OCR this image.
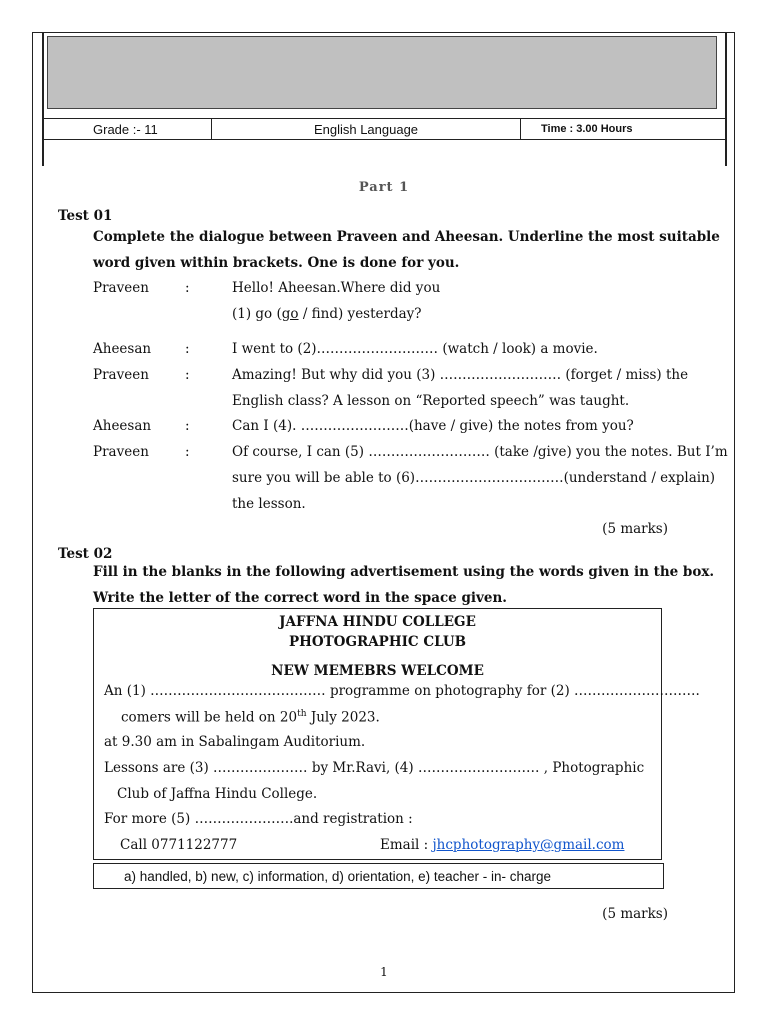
Grade :- 11	English Language	Time : 3.00 Hours
Part 1
Test 01
Complete the dialogue between Praveen and Aheesan. Underline the most suitable
word given within brackets. One is done for you.
Praveen	:	Hello! Aheesan.Where did you
(1) go (go / find) yesterday?
Aheesan	:	I went to (2)……………………… (watch / look) a movie.
Praveen	:	Amazing! But why did you (3) ……………………… (forget / miss) the
English class? A lesson on “Reported speech” was taught.
Aheesan	:	Can I (4). ……………………(have / give) the notes from you?
Praveen	:	Of course, I can (5) ……………………… (take /give) you the notes. But I’m
sure you will be able to (6)……………………………(understand / explain)
the lesson.
(5 marks)
Test 02
Fill in the blanks in the following advertisement using the words given in the box.
Write the letter of the correct word in the space given.
JAFFNA HINDU COLLEGE
PHOTOGRAPHIC CLUB
NEW MEMEBRS WELCOME
An (1) ………………………………… programme on photography for (2) ……………………….
comers will be held on 20th July 2023.
at 9.30 am in Sabalingam Auditorium.
Lessons are (3) ………………… by Mr.Ravi, (4) ……………………… , Photographic
Club of Jaffna Hindu College.
For more (5) ………………….and registration :
Call 0771122777	Email : jhcphotography@gmail.com
a) handled, b) new, c) information, d) orientation, e) teacher - in- charge
(5 marks)
1
